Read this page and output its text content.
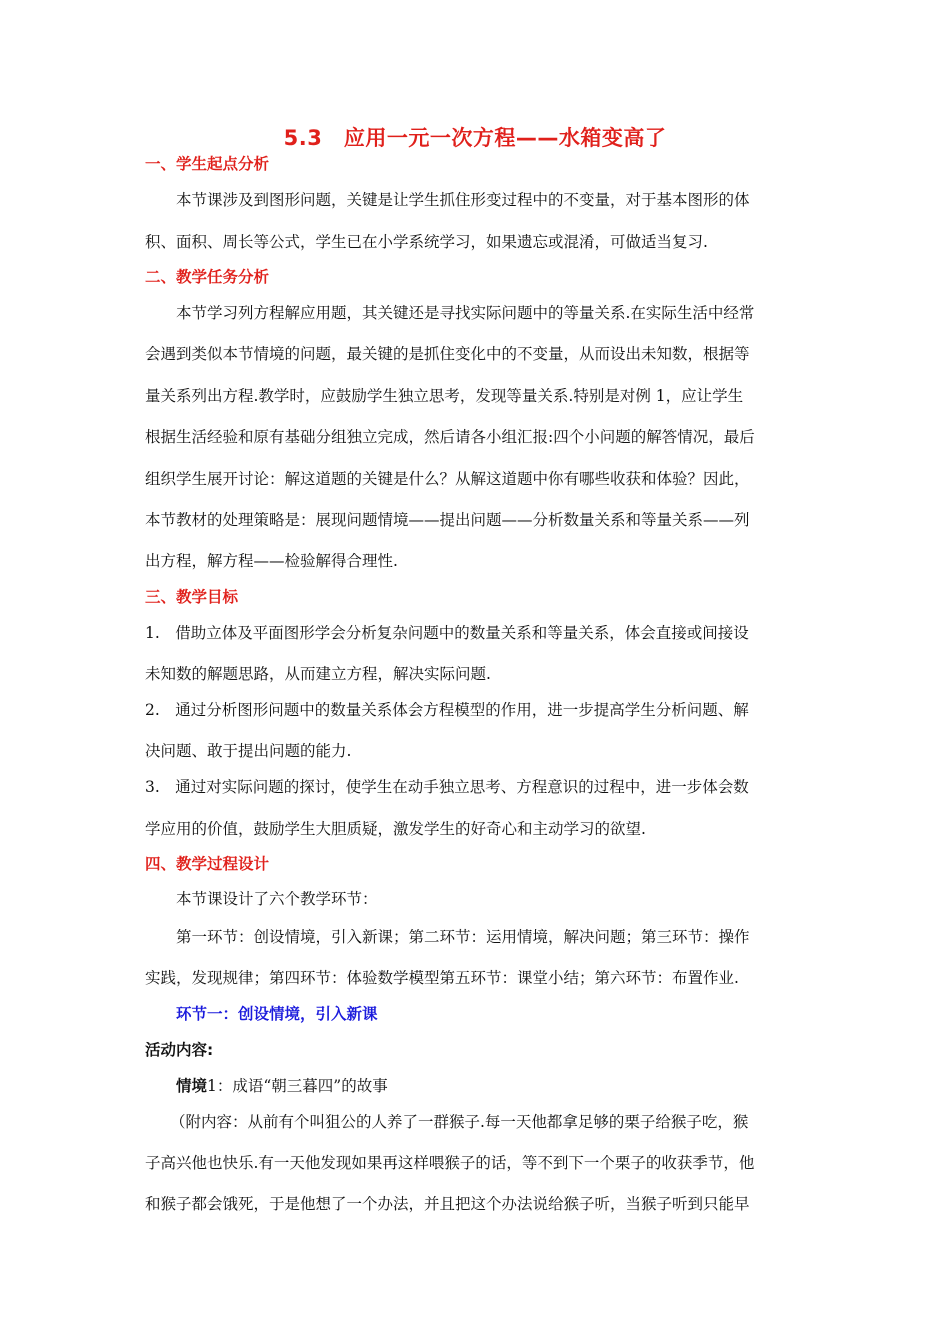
5.3　应用一元一次方程——水箱变高了
一、学生起点分析
本节课涉及到图形问题，关键是让学生抓住形变过程中的不变量，对于基本图形的体
积、面积、周长等公式，学生已在小学系统学习，如果遗忘或混淆，可做适当复习.
二、教学任务分析
本节学习列方程解应用题，其关键还是寻找实际问题中的等量关系.在实际生活中经常
会遇到类似本节情境的问题，最关键的是抓住变化中的不变量，从而设出未知数，根据等
量关系列出方程.教学时，应鼓励学生独立思考，发现等量关系.特别是对例 1，应让学生
根据生活经验和原有基础分组独立完成，然后请各小组汇报:四个小问题的解答情况，最后
组织学生展开讨论：解这道题的关键是什么？从解这道题中你有哪些收获和体验？因此，
本节教材的处理策略是：展现问题情境——提出问题——分析数量关系和等量关系——列
出方程，解方程——检验解得合理性.
三、教学目标
1.　借助立体及平面图形学会分析复杂问题中的数量关系和等量关系，体会直接或间接设
未知数的解题思路，从而建立方程，解决实际问题.
2.　通过分析图形问题中的数量关系体会方程模型的作用，进一步提高学生分析问题、解
决问题、敢于提出问题的能力.
3.　通过对实际问题的探讨，使学生在动手独立思考、方程意识的过程中，进一步体会数
学应用的价值，鼓励学生大胆质疑，激发学生的好奇心和主动学习的欲望.
四、教学过程设计
本节课设计了六个教学环节：
第一环节：创设情境，引入新课；第二环节：运用情境，解决问题；第三环节：操作
实践，发现规律；第四环节：体验数学模型第五环节：课堂小结；第六环节：布置作业.
环节一：创设情境，引入新课
活动内容:
情境1：成语“朝三暮四”的故事
（附内容：从前有个叫狙公的人养了一群猴子.每一天他都拿足够的栗子给猴子吃，猴
子高兴他也快乐.有一天他发现如果再这样喂猴子的话，等不到下一个栗子的收获季节，他
和猴子都会饿死，于是他想了一个办法，并且把这个办法说给猴子听，当猴子听到只能早
